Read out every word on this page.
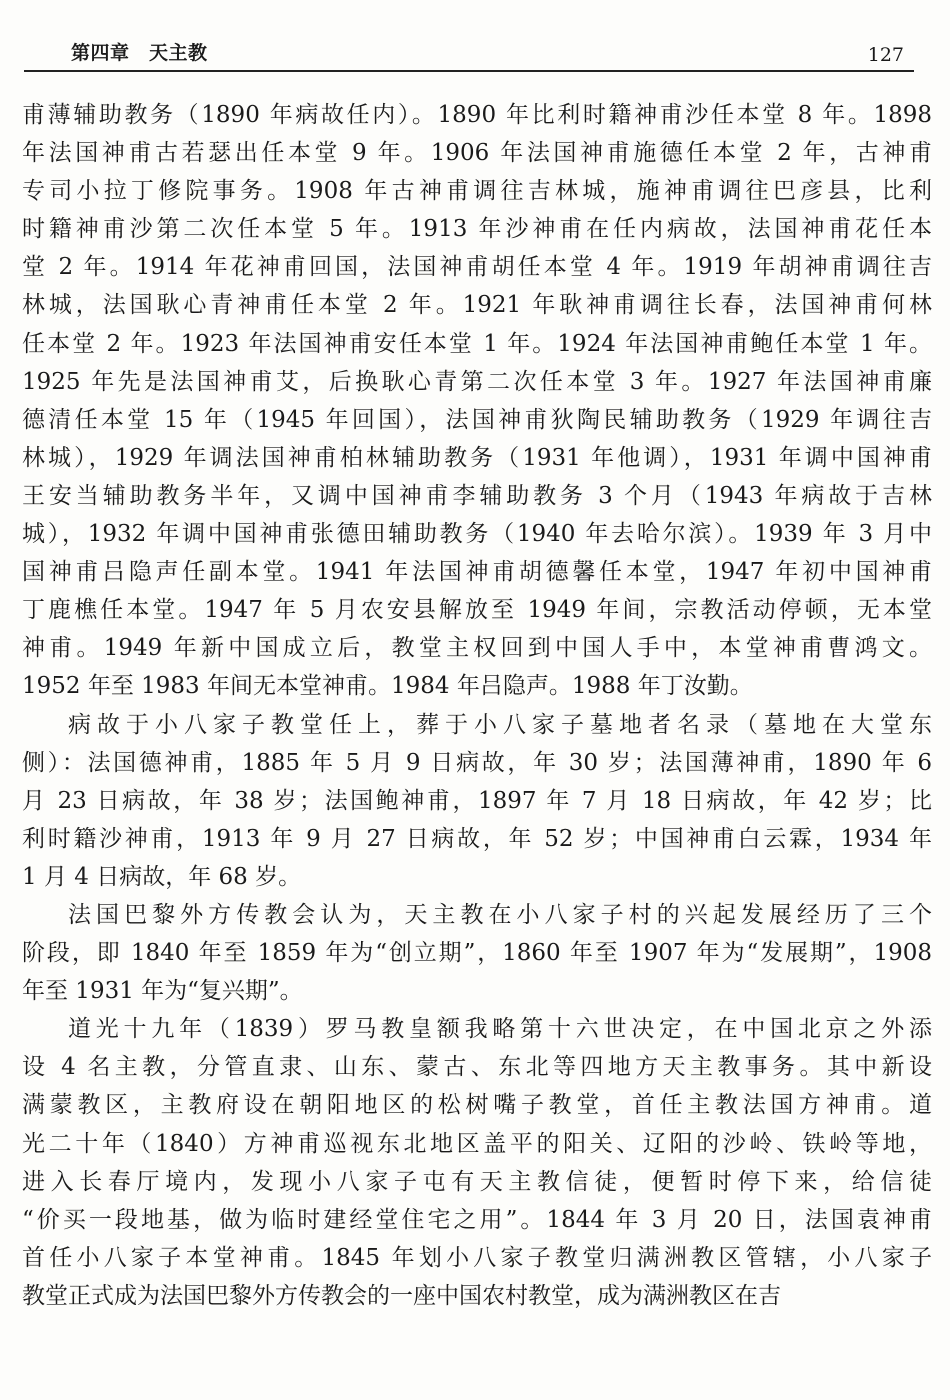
第四章　天主教	127
甫薄辅助教务（1890 年病故任内）。1890 年比利时籍神甫沙任本堂 8 年。1898
年法国神甫古若瑟出任本堂 9 年。1906 年法国神甫施德任本堂 2 年，古神甫
专司小拉丁修院事务。1908 年古神甫调往吉林城，施神甫调往巴彦县，比利
时籍神甫沙第二次任本堂 5 年。1913 年沙神甫在任内病故，法国神甫花任本
堂 2 年。1914 年花神甫回国，法国神甫胡任本堂 4 年。1919 年胡神甫调往吉
林城，法国耿心青神甫任本堂 2 年。1921 年耿神甫调往长春，法国神甫何林
任本堂 2 年。1923 年法国神甫安任本堂 1 年。1924 年法国神甫鲍任本堂 1 年。
1925 年先是法国神甫艾，后换耿心青第二次任本堂 3 年。1927 年法国神甫廉
德清任本堂 15 年（1945 年回国），法国神甫狄陶民辅助教务（1929 年调往吉
林城），1929 年调法国神甫柏林辅助教务（1931 年他调），1931 年调中国神甫
王安当辅助教务半年，又调中国神甫李辅助教务 3 个月（1943 年病故于吉林
城），1932 年调中国神甫张德田辅助教务（1940 年去哈尔滨）。1939 年 3 月中
国神甫吕隐声任副本堂。1941 年法国神甫胡德馨任本堂，1947 年初中国神甫
丁鹿樵任本堂。1947 年 5 月农安县解放至 1949 年间，宗教活动停顿，无本堂
神甫。1949 年新中国成立后，教堂主权回到中国人手中，本堂神甫曹鸿文。
1952 年至 1983 年间无本堂神甫。1984 年吕隐声。1988 年丁汝勤。
病故于小八家子教堂任上，葬于小八家子墓地者名录（墓地在大堂东
侧）：法国德神甫，1885 年 5 月 9 日病故，年 30 岁；法国薄神甫，1890 年 6
月 23 日病故，年 38 岁；法国鲍神甫，1897 年 7 月 18 日病故，年 42 岁；比
利时籍沙神甫，1913 年 9 月 27 日病故，年 52 岁；中国神甫白云霖，1934 年
1 月 4 日病故，年 68 岁。
法国巴黎外方传教会认为，天主教在小八家子村的兴起发展经历了三个
阶段，即 1840 年至 1859 年为“创立期”，1860 年至 1907 年为“发展期”，1908
年至 1931 年为“复兴期”。
道光十九年（1839）罗马教皇额我略第十六世决定，在中国北京之外添
设 4 名主教，分管直隶、山东、蒙古、东北等四地方天主教事务。其中新设
满蒙教区，主教府设在朝阳地区的松树嘴子教堂，首任主教法国方神甫。道
光二十年（1840）方神甫巡视东北地区盖平的阳关、辽阳的沙岭、铁岭等地，
进入长春厅境内，发现小八家子屯有天主教信徒，便暂时停下来，给信徒
“价买一段地基，做为临时建经堂住宅之用”。1844 年 3 月 20 日，法国袁神甫
首任小八家子本堂神甫。1845 年划小八家子教堂归满洲教区管辖，小八家子
教堂正式成为法国巴黎外方传教会的一座中国农村教堂，成为满洲教区在吉
